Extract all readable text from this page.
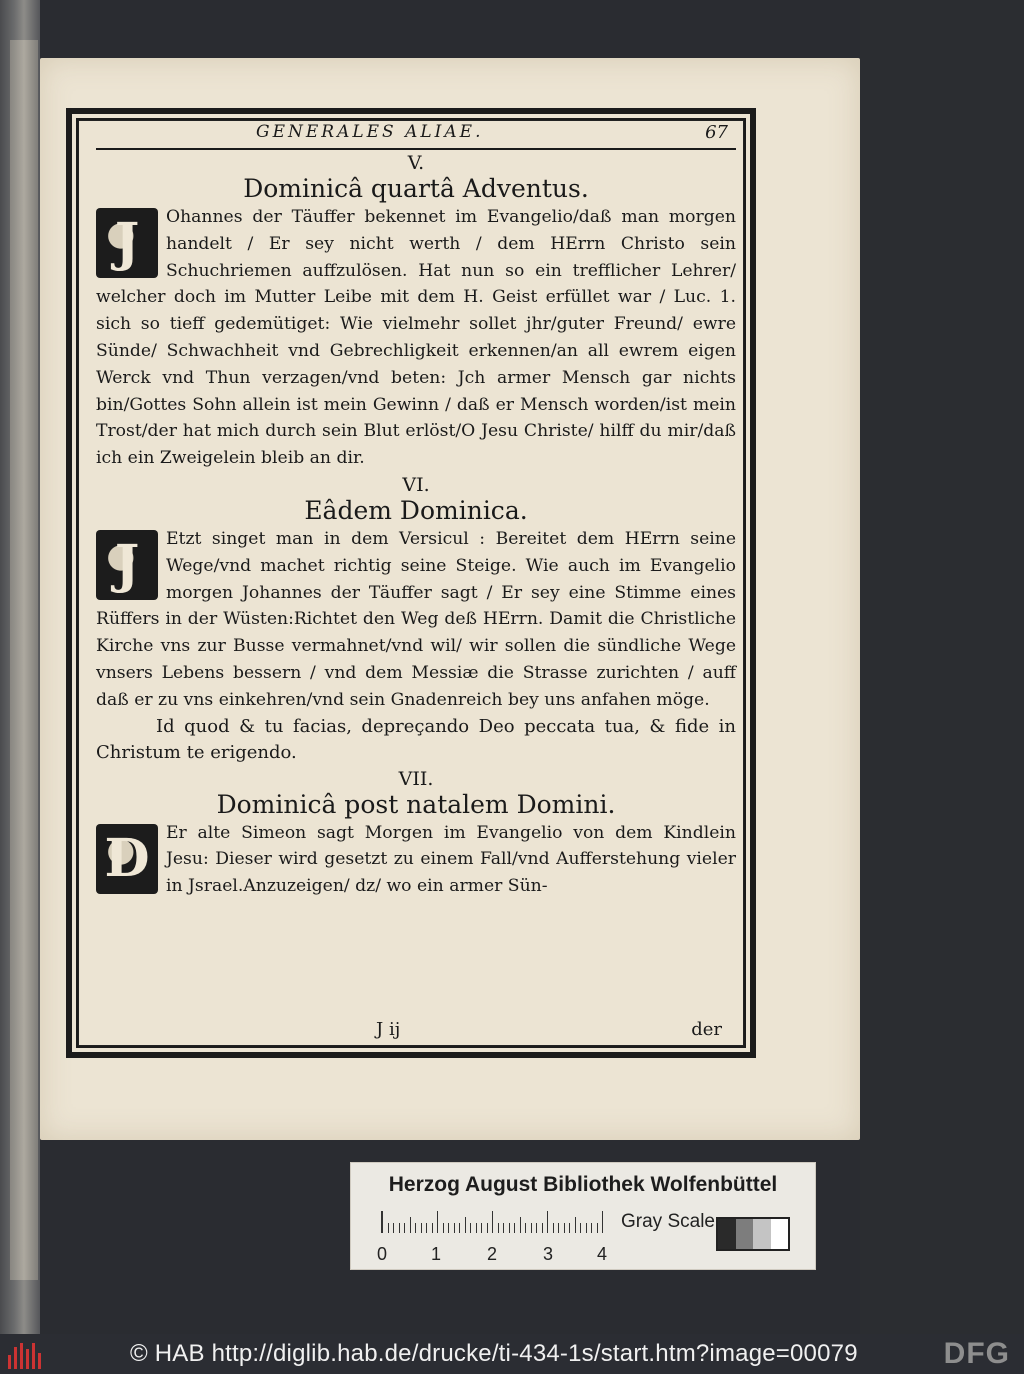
GENERALES ALIAE.	67
V.
Dominicâ quartâ Adventus.
J	Ohannes der Täuffer bekennet im Evangelio/daß man morgen handelt / Er sey nicht werth / dem HErrn Christo sein Schuchriemen auffzulösen. Hat nun so ein trefflicher Lehrer/ welcher doch im Mutter Leibe mit dem H. Geist erfüllet war / Luc. 1. sich so tieff gedemütiget: Wie vielmehr sollet jhr/guter Freund/ ewre Sünde/ Schwachheit vnd Gebrechligkeit erkennen/an all ewrem eigen Werck vnd Thun verzagen/vnd beten: Jch armer Mensch gar nichts bin/Gottes Sohn allein ist mein Gewinn / daß er Mensch worden/ist mein Trost/der hat mich durch sein Blut erlöst/O Jesu Christe/ hilff du mir/daß ich ein Zweigelein bleib an dir.

VI.
Eâdem Dominica.
J	Etzt singet man in dem Versicul : Bereitet dem HErrn seine Wege/vnd machet richtig seine Steige. Wie auch im Evangelio morgen Johannes der Täuffer sagt / Er sey eine Stimme eines Rüffers in der Wüsten:Richtet den Weg deß HErrn. Damit die Christliche Kirche vns zur Busse vermahnet/vnd wil/ wir sollen die sündliche Wege vnsers Lebens bessern / vnd dem Messiæ die Strasse zurichten / auff daß er zu vns einkehren/vnd sein Gnadenreich bey uns anfahen möge.

Id quod & tu facias, depreçando Deo peccata tua, & fide in Christum te erigendo.

VII.
Dominicâ post natalem Domini.
D Er alte Simeon sagt Morgen im Evangelio von dem Kindlein Jesu: Dieser wird gesetzt zu einem Fall/vnd Aufferstehung vieler in Jsrael.Anzuzeigen/ dz/ wo ein armer Sün-

J ij	der
Herzog August Bibliothek Wolfenbüttel
0 1	2	3 4
Gray Scale
© HAB http://diglib.hab.de/drucke/ti-434-1s/start.htm?image=00079	DFG
